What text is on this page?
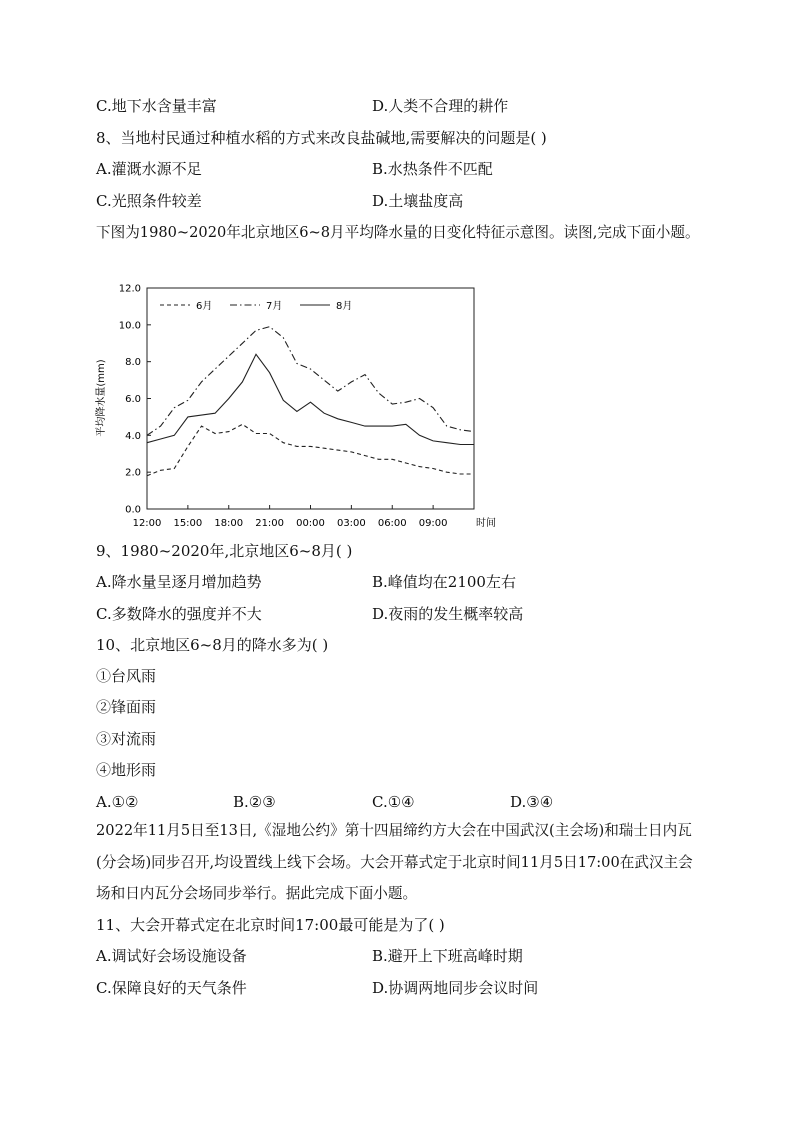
C.地下水含量丰富	D.人类不合理的耕作
8、当地村民通过种植水稻的方式来改良盐碱地,需要解决的问题是( )
A.灌溉水源不足	B.水热条件不匹配
C.光照条件较差	D.土壤盐度高
下图为1980~2020年北京地区6~8月平均降水量的日变化特征示意图。读图,完成下面小题。
0.0
2.0
4.0
6.0
8.0
10.0
12.0
12:00 15:00 18:00 21:00 00:00 03:00 06:00 09:00
6月	7月	8月
平均降水量(mm)
时间
9、1980~2020年,北京地区6~8月( )
A.降水量呈逐月增加趋势	B.峰值均在2100左右
C.多数降水的强度并不大	D.夜雨的发生概率较高
10、北京地区6~8月的降水多为( )
①台风雨
②锋面雨
③对流雨
④地形雨
A.①②	B.②③	C.①④	D.③④
2022年11月5日至13日,《湿地公约》第十四届缔约方大会在中国武汉(主会场)和瑞士日内瓦(分会场)同步召开,均设置线上线下会场。大会开幕式定于北京时间11月5日17:00在武汉主会场和日内瓦分会场同步举行。据此完成下面小题。
11、大会开幕式定在北京时间17:00最可能是为了( )
A.调试好会场设施设备	B.避开上下班高峰时期
C.保障良好的天气条件	D.协调两地同步会议时间
